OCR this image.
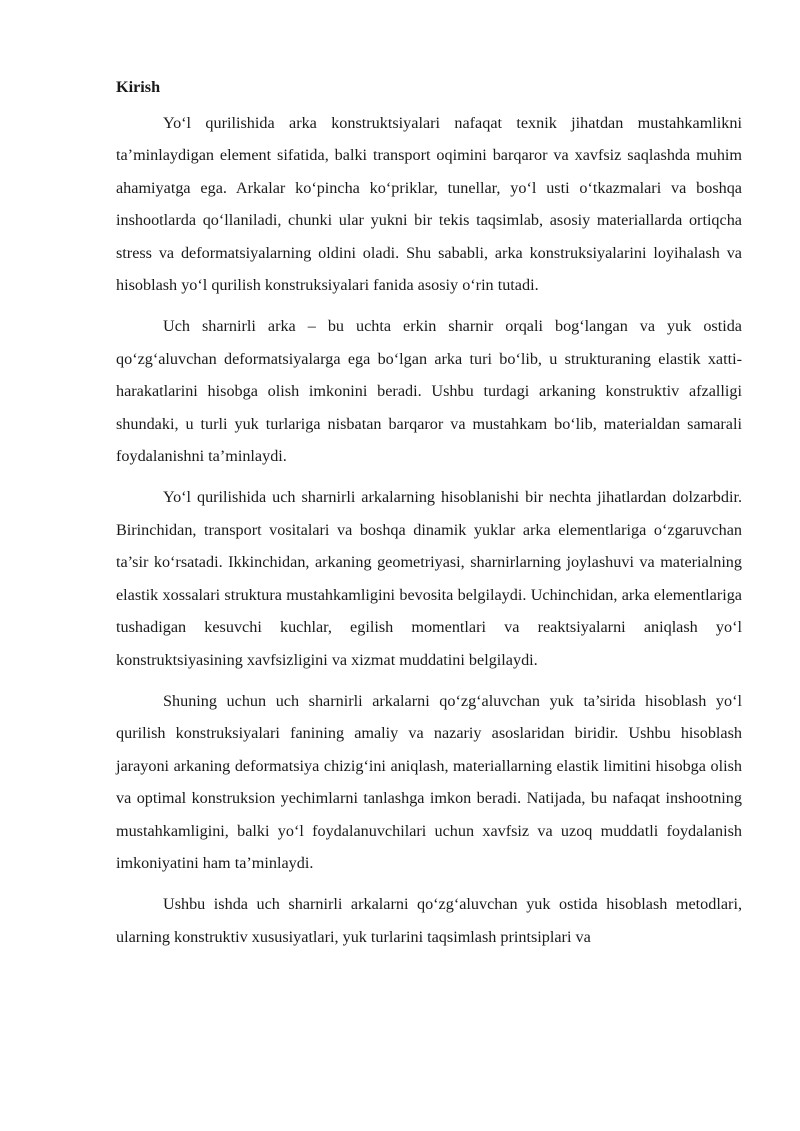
Kirish

Yo‘l qurilishida arka konstruktsiyalari nafaqat texnik jihatdan mustahkamlikni ta’minlaydigan element sifatida, balki transport oqimini barqaror va xavfsiz saqlashda muhim ahamiyatga ega. Arkalar ko‘pincha ko‘priklar, tunellar, yo‘l usti o‘tkazmalari va boshqa inshootlarda qo‘llaniladi, chunki ular yukni bir tekis taqsimlab, asosiy materiallarda ortiqcha stress va deformatsiyalarning oldini oladi. Shu sababli, arka konstruksiyalarini loyihalash va hisoblash yo‘l qurilish konstruksiyalari fanida asosiy o‘rin tutadi.

Uch sharnirli arka – bu uchta erkin sharnir orqali bog‘langan va yuk ostida qo‘zg‘aluvchan deformatsiyalarga ega bo‘lgan arka turi bo‘lib, u strukturaning elastik xatti-harakatlarini hisobga olish imkonini beradi. Ushbu turdagi arkaning konstruktiv afzalligi shundaki, u turli yuk turlariga nisbatan barqaror va mustahkam bo‘lib, materialdan samarali foydalanishni ta’minlaydi.

Yo‘l qurilishida uch sharnirli arkalarning hisoblanishi bir nechta jihatlardan dolzarbdir. Birinchidan, transport vositalari va boshqa dinamik yuklar arka elementlariga o‘zgaruvchan ta’sir ko‘rsatadi. Ikkinchidan, arkaning geometriyasi, sharnirlarning joylashuvi va materialning elastik xossalari struktura mustahkamligini bevosita belgilaydi. Uchinchidan, arka elementlariga tushadigan kesuvchi kuchlar, egilish momentlari va reaktsiyalarni aniqlash yo‘l konstruktsiyasining xavfsizligini va xizmat muddatini belgilaydi.

Shuning uchun uch sharnirli arkalarni qo‘zg‘aluvchan yuk ta’sirida hisoblash yo‘l qurilish konstruksiyalari fanining amaliy va nazariy asoslaridan biridir. Ushbu hisoblash jarayoni arkaning deformatsiya chizig‘ini aniqlash, materiallarning elastik limitini hisobga olish va optimal konstruksion yechimlarni tanlashga imkon beradi. Natijada, bu nafaqat inshootning mustahkamligini, balki yo‘l foydalanuvchilari uchun xavfsiz va uzoq muddatli foydalanish imkoniyatini ham ta’minlaydi.

Ushbu ishda uch sharnirli arkalarni qo‘zg‘aluvchan yuk ostida hisoblash metodlari, ularning konstruktiv xususiyatlari, yuk turlarini taqsimlash printsiplari va
